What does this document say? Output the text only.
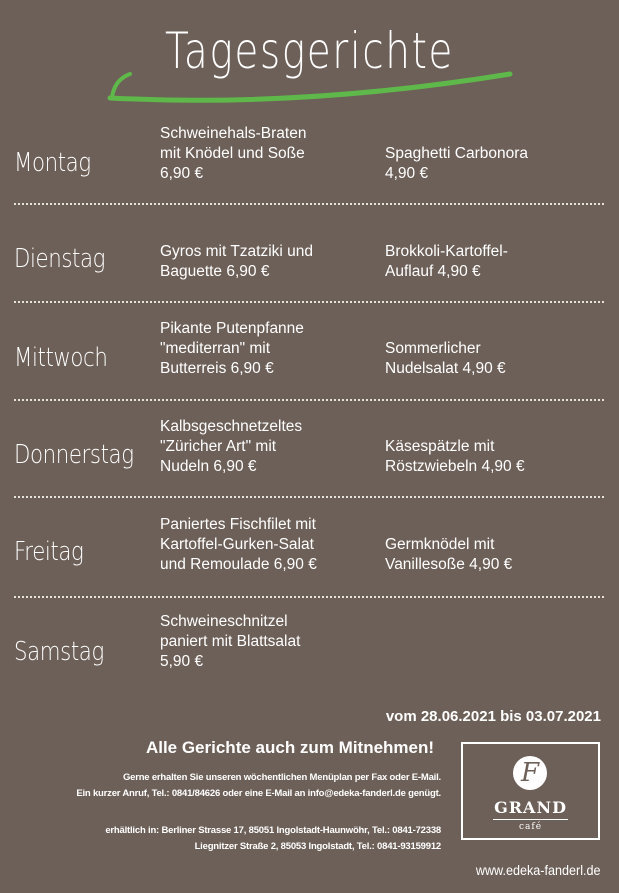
Tagesgerichte
Montag
Schweinehals-Braten
mit Knödel und Soße
6,90 €
Spaghetti Carbonora
4,90 €
Dienstag	Gyros mit Tzatziki und
Baguette 6,90 €
Brokkoli-Kartoffel-
Auflauf 4,90 €
Mittwoch
Pikante Putenpfanne
"mediterran" mit
Butterreis 6,90 €
Sommerlicher
Nudelsalat 4,90 €
Donnerstag
Kalbsgeschnetzeltes
"Züricher Art" mit
Nudeln 6,90 €
Käsespätzle mit
Röstzwiebeln 4,90 €
Freitag
Paniertes Fischfilet mit
Kartoffel-Gurken-Salat
und Remoulade 6,90 €
Germknödel mit
Vanillesoße 4,90 €
Samstag
Schweineschnitzel
paniert mit Blattsalat
5,90 €
vom 28.06.2021 bis 03.07.2021
Alle Gerichte auch zum Mitnehmen!
Gerne erhalten Sie unseren wöchentlichen Menüplan per Fax oder E-Mail.
Ein kurzer Anruf, Tel.: 0841/84626 oder eine E-Mail an info@edeka-fanderl.de genügt.
erhältlich in: Berliner Strasse 17, 85051 Ingolstadt-Haunwöhr, Tel.: 0841-72338
Liegnitzer Straße 2, 85053 Ingolstadt, Tel.: 0841-93159912
F
GRAND
café
www.edeka-fanderl.de
